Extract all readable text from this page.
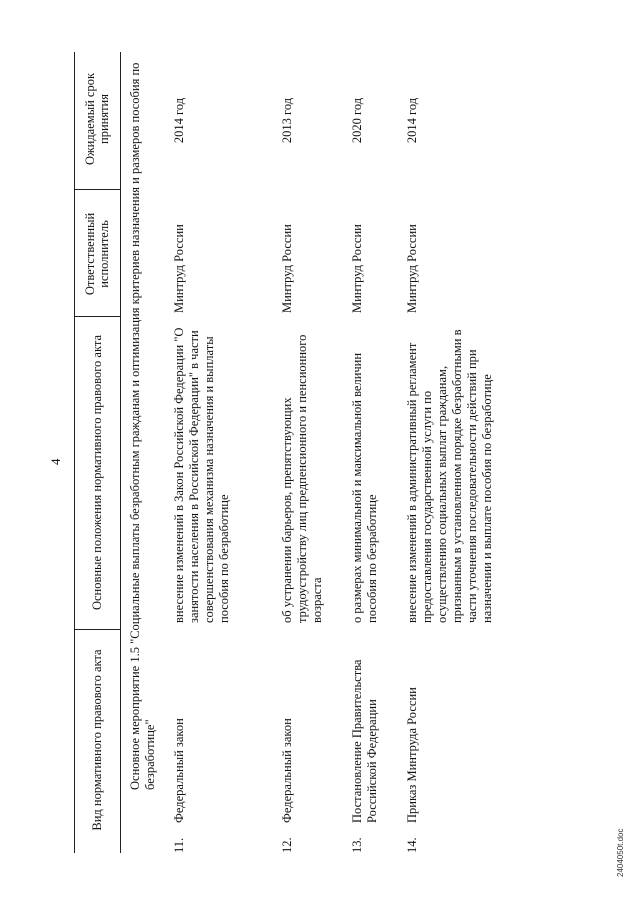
4
Вид нормативного правового акта
Основные положения нормативного правового акта
Ответственный исполнитель
Ожидаемый срок принятия	Основное мероприятие 1.5 "Социальные выплаты безработным гражданам и оптимизация критериев назначения и размеров пособия по безработице"
11.
Федеральный закон
внесение изменений в Закон Российской Федерации "О занятости населения в Российской Федерации" в части совершенствования механизма назначения и выплаты пособия по безработице
Минтруд России
2014 год
12.
Федеральный закон
об устранении барьеров, препятствующих трудоустройству лиц предпенсионного и пенсионного возраста
Минтруд России
2013 год
13.
Постановление Правительства Российской Федерации
о размерах минимальной и максимальной величин пособия по безработице
Минтруд России
2020 год
14.
Приказ Минтруда России
внесение изменений в административный регламент предоставления государственной услуги по осуществлению социальных выплат гражданам, признанным в установленном порядке безработными в части уточнения последовательности действий при назначении и выплате пособия по безработице
Минтруд России
2014 год
2404050t.doc
